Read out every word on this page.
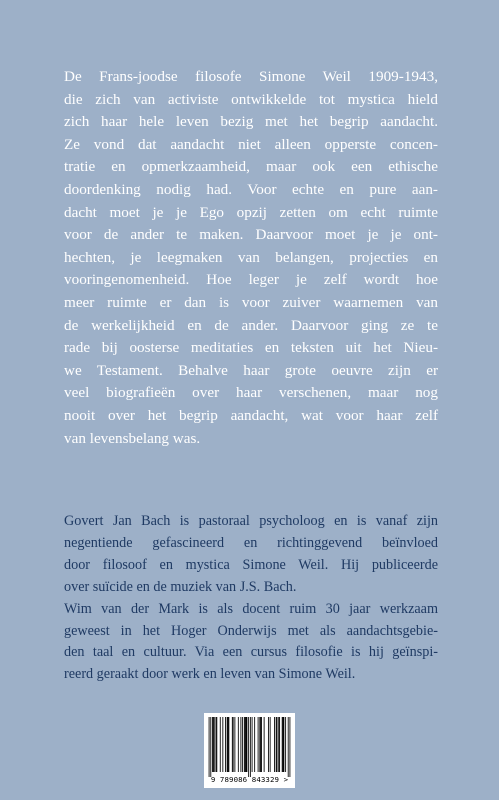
De Frans-joodse filosofe Simone Weil 1909-1943,
die zich van activiste ontwikkelde tot mystica hield
zich haar hele leven bezig met het begrip aandacht.
Ze vond dat aandacht niet alleen opperste concen-
tratie en opmerkzaamheid, maar ook een ethische
doordenking nodig had. Voor echte en pure aan-
dacht moet je je Ego opzij zetten om echt ruimte
voor de ander te maken. Daarvoor moet je je ont-
hechten, je leegmaken van belangen, projecties en
vooringenomenheid. Hoe leger je zelf wordt hoe
meer ruimte er dan is voor zuiver waarnemen van
de werkelijkheid en de ander. Daarvoor ging ze te
rade bij oosterse meditaties en teksten uit het Nieu-
we Testament. Behalve haar grote oeuvre zijn er
veel biografieën over haar verschenen, maar nog
nooit over het begrip aandacht, wat voor haar zelf
van levensbelang was.
Govert Jan Bach is pastoraal psycholoog en is vanaf zijn
negentiende gefascineerd en richtinggevend beïnvloed
door filosoof en mystica Simone Weil. Hij publiceerde
over suïcide en de muziek van J.S. Bach.
Wim van der Mark is als docent ruim 30 jaar werkzaam
geweest in het Hoger Onderwijs met als aandachtsgebie-
den taal en cultuur. Via een cursus filosofie is hij geïnspi-
reerd geraakt door werk en leven van Simone Weil.
9 789086 843329 >
